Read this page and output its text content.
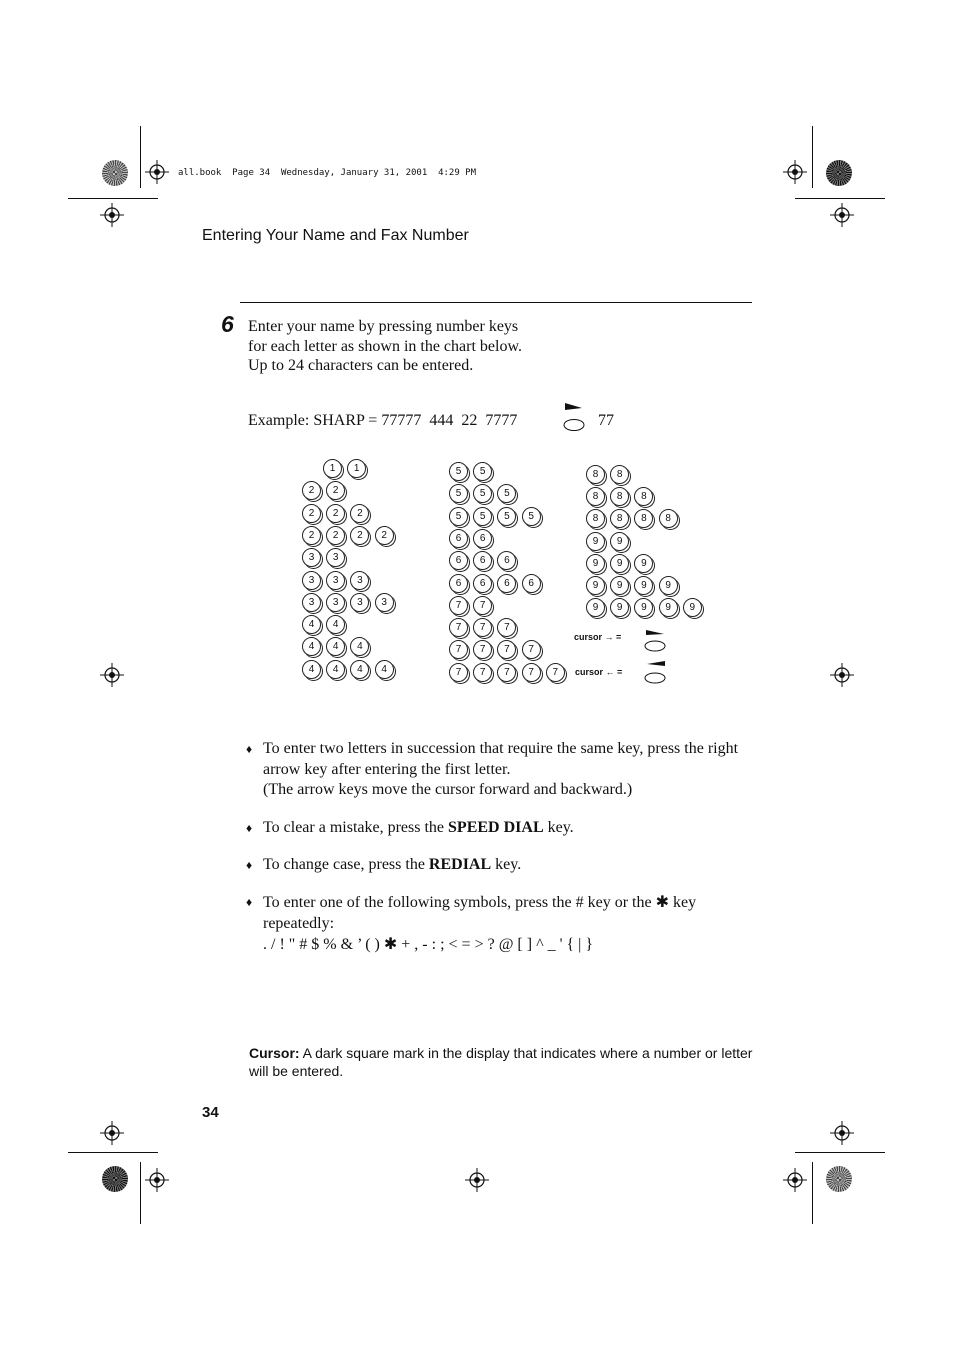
all.book  Page 34  Wednesday, January 31, 2001  4:29 PM
Entering Your Name and Fax Number
6 Enter your name by pressing number keys for each letter as shown in the chart below. Up to 24 characters can be entered.
Example: SHARP = 77777  444  22  7777	77
1	1
2	2
2	2	2
2	2	2	2
3	3
3	3	3
3	3	3	3
4	4
4	4	4
4	4	4	4
5	5
5	5	5
5	5	5	5
6	6
6	6	6
6	6	6	6
7	7
7	7	7
7	7	7	7
7	7	7	7	7
8	8
8	8	8
8	8	8	8
9	9
9	9	9
9	9	9	9
9	9	9	9	9
cursor → =
cursor ← =
♦ To enter two letters in succession that require the same key, press the right arrow key after entering the first letter.
(The arrow keys move the cursor forward and backward.)
♦ To clear a mistake, press the SPEED DIAL key.
♦ To change case, press the REDIAL key.
♦ To enter one of the following symbols, press the # key or the ✱ key repeatedly:
. / ! " # $ % & ’ ( ) ✱ + , - : ; < = > ? @ [ ] ^ _ ' { | }
Cursor: A dark square mark in the display that indicates where a number or letter will be entered.
34
